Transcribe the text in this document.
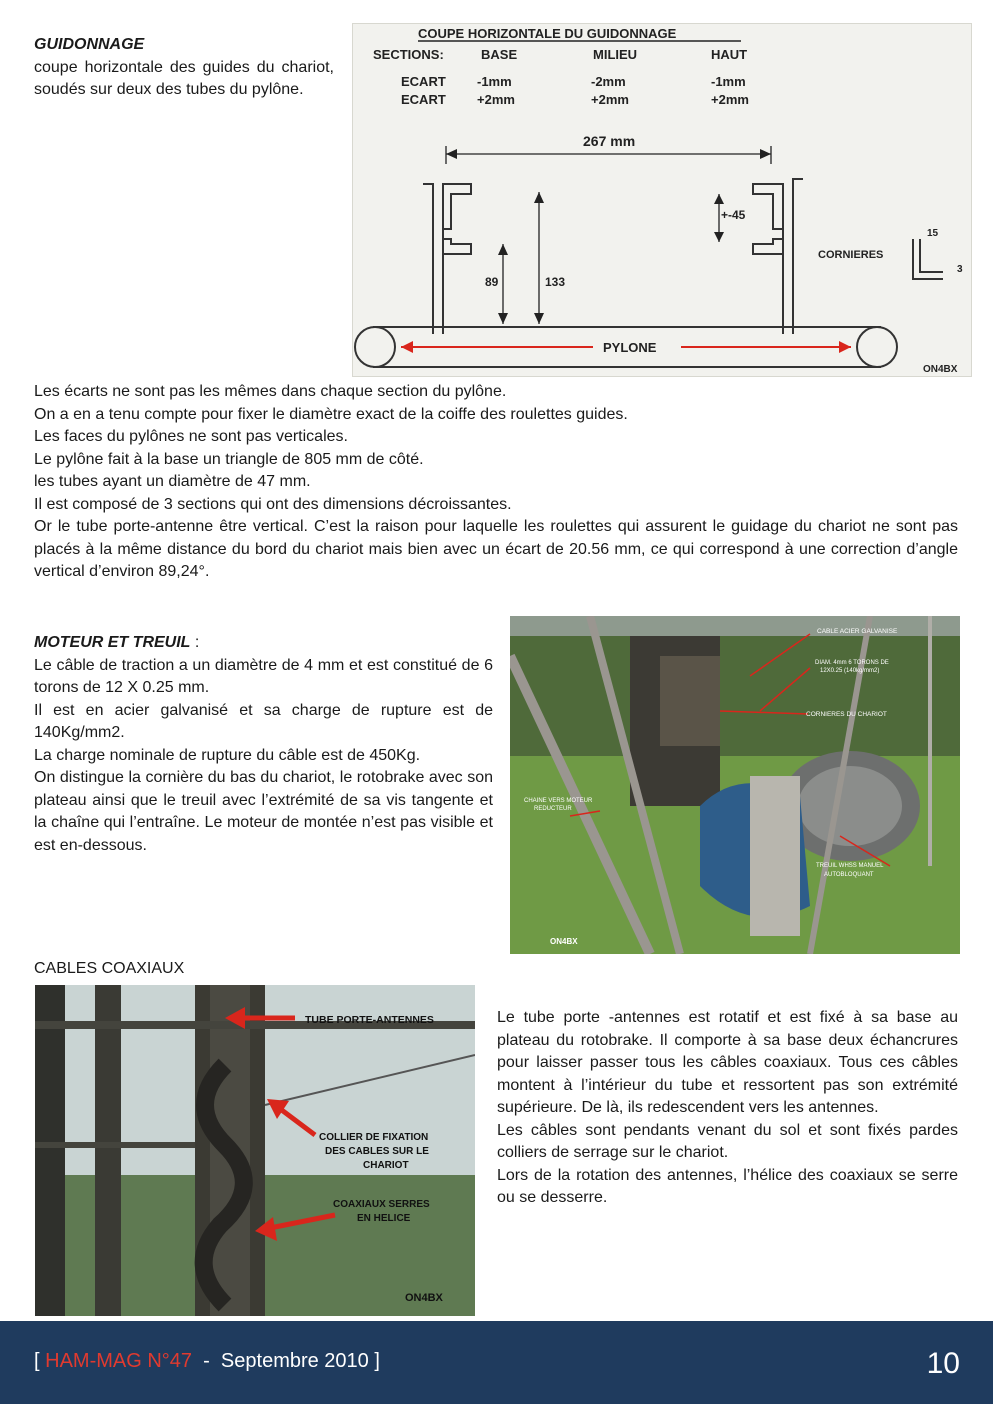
GUIDONNAGE
coupe horizontale des guides du chariot, soudés sur deux des tubes du pylône.
COUPE HORIZONTALE DU GUIDONNAGE
SECTIONS:	BASE	MILIEU	HAUT
ECART -1mm	-2mm	-1mm
ECART +2mm	+2mm	+2mm
267 mm
89	133
+-45
CORNIERES
15
3
PYLONE
ON4BX
Les écarts ne sont pas les mêmes dans chaque section du pylône.
On a en a tenu compte pour fixer le diamètre exact de la coiffe des roulettes guides.
Les faces du pylônes ne sont pas verticales.
Le pylône fait à la base un triangle de 805 mm de côté.
les tubes ayant un diamètre de 47 mm.
Il est composé de 3 sections qui ont des dimensions décroissantes.
Or le tube porte-antenne être vertical. C’est la raison pour laquelle les roulettes qui assurent le guidage du chariot ne sont pas placés à la même distance du bord du chariot mais bien avec un écart de 20.56 mm, ce qui correspond à une correction d’angle vertical d’environ 89,24°.
MOTEUR ET TREUIL :
Le câble de traction a un diamètre de 4 mm et est constitué de 6 torons de 12 X 0.25 mm.
Il est en acier galvanisé et sa charge de rupture est de 140Kg/mm2.
La charge nominale de rupture du câble est de 450Kg.
On distingue la cornière du bas du chariot, le rotobrake avec son plateau ainsi que le treuil avec l’extrémité de sa vis tangente et la chaîne qui l’entraîne. Le moteur de montée n’est pas visible et est en-dessous.
CABLE ACIER GALVANISE
DIAM. 4mm 6 TORONS DE
12X0.25 (140kg/mm2)
CORNIERES DU CHARIOT
CHAINE VERS MOTEUR
REDUCTEUR
TREUIL WHSS MANUEL
AUTOBLOQUANT
ON4BX
CABLES COAXIAUX
TUBE PORTE-ANTENNES
COLLIER DE FIXATION
DES CABLES SUR LE
CHARIOT
COAXIAUX SERRES
EN HELICE
ON4BX
Le tube porte -antennes est rotatif et est fixé à sa base au plateau du rotobrake. Il comporte à sa base deux échancrures pour laisser passer tous les câbles coaxiaux. Tous ces câbles montent à l’intérieur du tube et ressortent pas son extrémité supérieure. De là, ils redescendent vers les antennes.
Les câbles sont pendants venant du sol et sont fixés pardes colliers de serrage sur le chariot.
Lors de la rotation des antennes, l’hélice des coaxiaux se serre ou se desserre.
[ HAM-MAG N°47  -  Septembre 2010 ]	10
